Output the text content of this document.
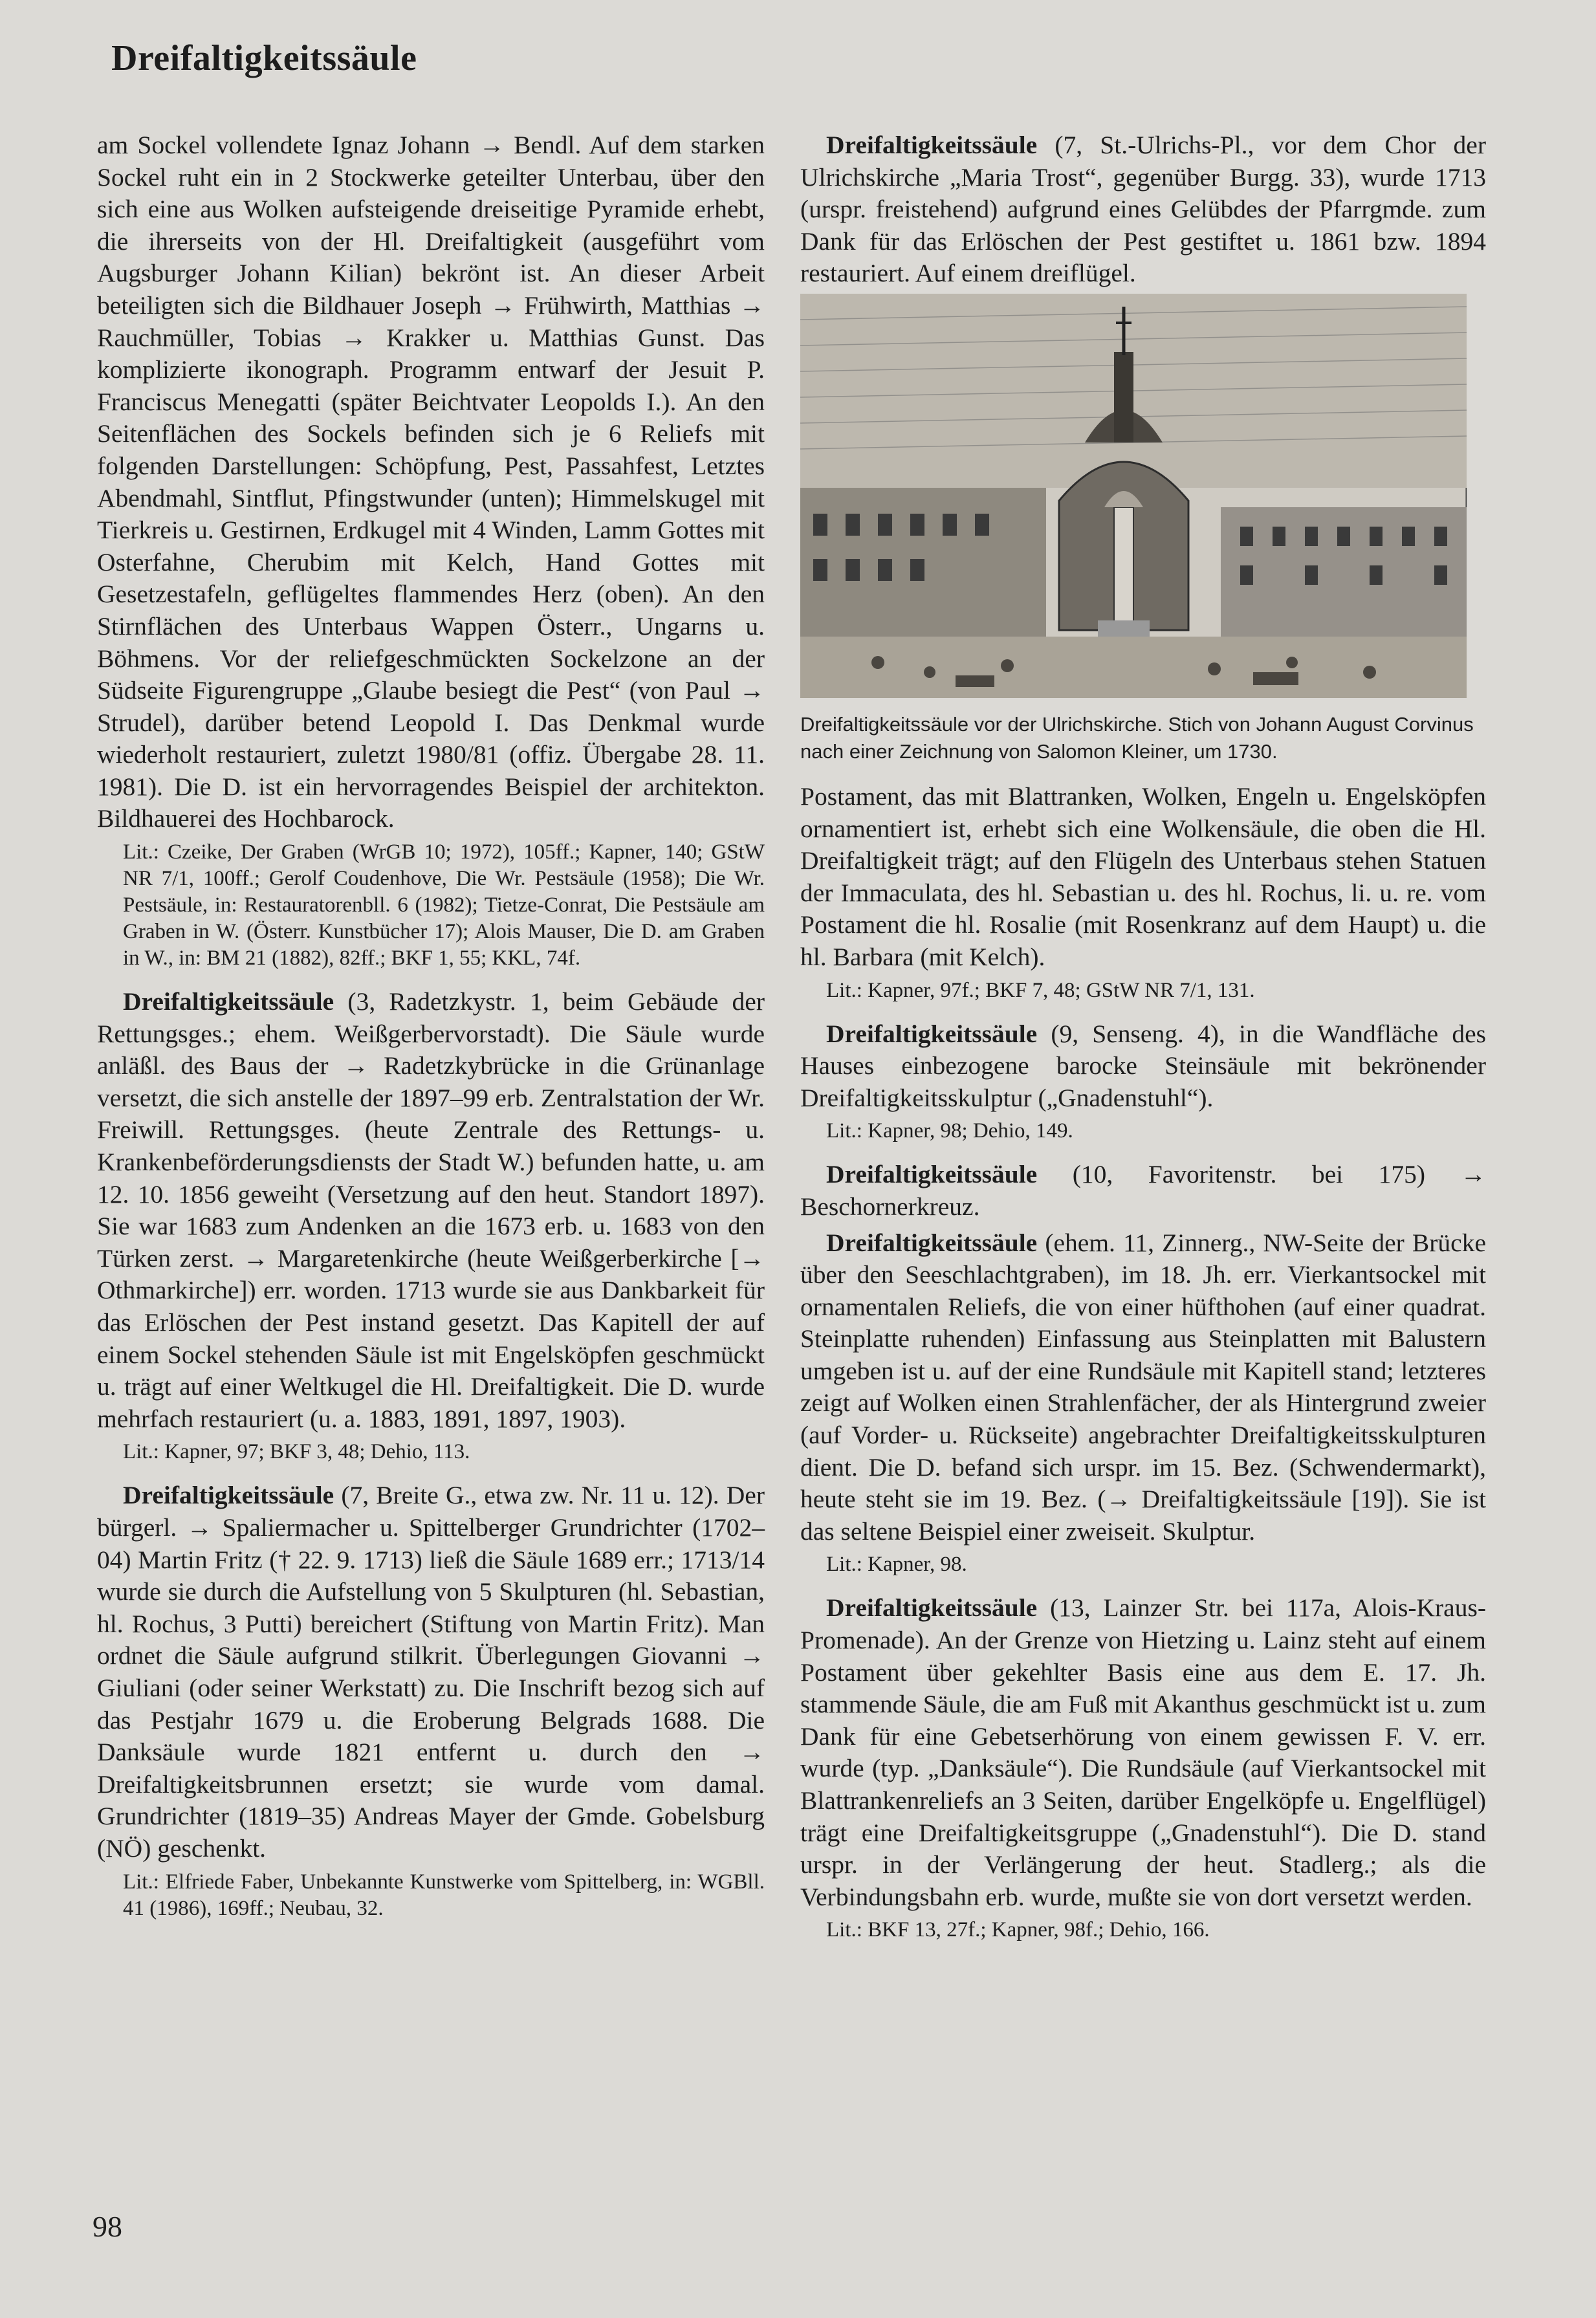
Dreifaltigkeitssäule

am Sockel vollendete Ignaz Johann → Bendl. Auf dem starken Sockel ruht ein in 2 Stockwerke geteilter Unterbau, über den sich eine aus Wolken aufsteigende dreiseitige Pyramide erhebt, die ihrerseits von der Hl. Dreifaltigkeit (ausgeführt vom Augsburger Johann Kilian) bekrönt ist. An dieser Arbeit beteiligten sich die Bildhauer Joseph → Frühwirth, Matthias → Rauchmüller, Tobias → Krakker u. Matthias Gunst. Das komplizierte ikonograph. Programm entwarf der Jesuit P. Franciscus Menegatti (später Beichtvater Leopolds I.). An den Seitenflächen des Sockels befinden sich je 6 Reliefs mit folgenden Darstellungen: Schöpfung, Pest, Passahfest, Letztes Abendmahl, Sintflut, Pfingstwunder (unten); Himmelskugel mit Tierkreis u. Gestirnen, Erdkugel mit 4 Winden, Lamm Gottes mit Osterfahne, Cherubim mit Kelch, Hand Gottes mit Gesetzestafeln, geflügeltes flammendes Herz (oben). An den Stirnflächen des Unterbaus Wappen Österr., Ungarns u. Böhmens. Vor der reliefgeschmückten Sockelzone an der Südseite Figurengruppe „Glaube besiegt die Pest“ (von Paul → Strudel), darüber betend Leopold I. Das Denkmal wurde wiederholt restauriert, zuletzt 1980/81 (offiz. Übergabe 28. 11. 1981). Die D. ist ein hervorragendes Beispiel der architekton. Bildhauerei des Hochbarock.

Lit.: Czeike, Der Graben (WrGB 10; 1972), 105ff.; Kapner, 140; GStW NR 7/1, 100ff.; Gerolf Coudenhove, Die Wr. Pestsäule (1958); Die Wr. Pestsäule, in: Restauratorenbll. 6 (1982); Tietze-Conrat, Die Pestsäule am Graben in W. (Österr. Kunstbücher 17); Alois Mauser, Die D. am Graben in W., in: BM 21 (1882), 82ff.; BKF 1, 55; KKL, 74f.

Dreifaltigkeitssäule (3, Radetzkystr. 1, beim Gebäude der Rettungsges.; ehem. Weißgerbervorstadt). Die Säule wurde anläßl. des Baus der → Radetzkybrücke in die Grünanlage versetzt, die sich anstelle der 1897–99 erb. Zentralstation der Wr. Freiwill. Rettungsges. (heute Zentrale des Rettungs- u. Krankenbeförderungsdiensts der Stadt W.) befunden hatte, u. am 12. 10. 1856 geweiht (Versetzung auf den heut. Standort 1897). Sie war 1683 zum Andenken an die 1673 erb. u. 1683 von den Türken zerst. → Margaretenkirche (heute Weißgerberkirche [→ Othmarkirche]) err. worden. 1713 wurde sie aus Dankbarkeit für das Erlöschen der Pest instand gesetzt. Das Kapitell der auf einem Sockel stehenden Säule ist mit Engelsköpfen geschmückt u. trägt auf einer Weltkugel die Hl. Dreifaltigkeit. Die D. wurde mehrfach restauriert (u. a. 1883, 1891, 1897, 1903).

Lit.: Kapner, 97; BKF 3, 48; Dehio, 113.

Dreifaltigkeitssäule (7, Breite G., etwa zw. Nr. 11 u. 12). Der bürgerl. → Spaliermacher u. Spittelberger Grundrichter (1702–04) Martin Fritz († 22. 9. 1713) ließ die Säule 1689 err.; 1713/14 wurde sie durch die Aufstellung von 5 Skulpturen (hl. Sebastian, hl. Rochus, 3 Putti) bereichert (Stiftung von Martin Fritz). Man ordnet die Säule aufgrund stilkrit. Überlegungen Giovanni → Giuliani (oder seiner Werkstatt) zu. Die Inschrift bezog sich auf das Pestjahr 1679 u. die Eroberung Belgrads 1688. Die Danksäule wurde 1821 entfernt u. durch den → Dreifaltigkeitsbrunnen ersetzt; sie wurde vom damal. Grundrichter (1819–35) Andreas Mayer der Gmde. Gobelsburg (NÖ) geschenkt.

Lit.: Elfriede Faber, Unbekannte Kunstwerke vom Spittelberg, in: WGBll. 41 (1986), 169ff.; Neubau, 32.

Dreifaltigkeitssäule (7, St.-Ulrichs-Pl., vor dem Chor der Ulrichskirche „Maria Trost“, gegenüber Burgg. 33), wurde 1713 (urspr. freistehend) aufgrund eines Gelübdes der Pfarrgmde. zum Dank für das Erlöschen der Pest gestiftet u. 1861 bzw. 1894 restauriert. Auf einem dreiflügel.

Dreifaltigkeitssäule vor der Ulrichskirche. Stich von Johann August Corvinus nach einer Zeichnung von Salomon Kleiner, um 1730.

Postament, das mit Blattranken, Wolken, Engeln u. Engelsköpfen ornamentiert ist, erhebt sich eine Wolkensäule, die oben die Hl. Dreifaltigkeit trägt; auf den Flügeln des Unterbaus stehen Statuen der Immaculata, des hl. Sebastian u. des hl. Rochus, li. u. re. vom Postament die hl. Rosalie (mit Rosenkranz auf dem Haupt) u. die hl. Barbara (mit Kelch).

Lit.: Kapner, 97f.; BKF 7, 48; GStW NR 7/1, 131.

Dreifaltigkeitssäule (9, Senseng. 4), in die Wandfläche des Hauses einbezogene barocke Steinsäule mit bekrönender Dreifaltigkeitsskulptur („Gnadenstuhl“).

Lit.: Kapner, 98; Dehio, 149.

Dreifaltigkeitssäule (10, Favoritenstr. bei 175) → Beschornerkreuz.

Dreifaltigkeitssäule (ehem. 11, Zinnerg., NW-Seite der Brücke über den Seeschlachtgraben), im 18. Jh. err. Vierkantsockel mit ornamentalen Reliefs, die von einer hüfthohen (auf einer quadrat. Steinplatte ruhenden) Einfassung aus Steinplatten mit Balustern umgeben ist u. auf der eine Rundsäule mit Kapitell stand; letzteres zeigt auf Wolken einen Strahlenfächer, der als Hintergrund zweier (auf Vorder- u. Rückseite) angebrachter Dreifaltigkeitsskulpturen dient. Die D. befand sich urspr. im 15. Bez. (Schwendermarkt), heute steht sie im 19. Bez. (→ Dreifaltigkeitssäule [19]). Sie ist das seltene Beispiel einer zweiseit. Skulptur.

Lit.: Kapner, 98.

Dreifaltigkeitssäule (13, Lainzer Str. bei 117a, Alois-Kraus-Promenade). An der Grenze von Hietzing u. Lainz steht auf einem Postament über gekehlter Basis eine aus dem E. 17. Jh. stammende Säule, die am Fuß mit Akanthus geschmückt ist u. zum Dank für eine Gebetserhörung von einem gewissen F. V. err. wurde (typ. „Danksäule“). Die Rundsäule (auf Vierkantsockel mit Blattrankenreliefs an 3 Seiten, darüber Engelköpfe u. Engelflügel) trägt eine Dreifaltigkeitsgruppe („Gnadenstuhl“). Die D. stand urspr. in der Verlängerung der heut. Stadlerg.; als die Verbindungsbahn erb. wurde, mußte sie von dort versetzt werden.

Lit.: BKF 13, 27f.; Kapner, 98f.; Dehio, 166.

98
